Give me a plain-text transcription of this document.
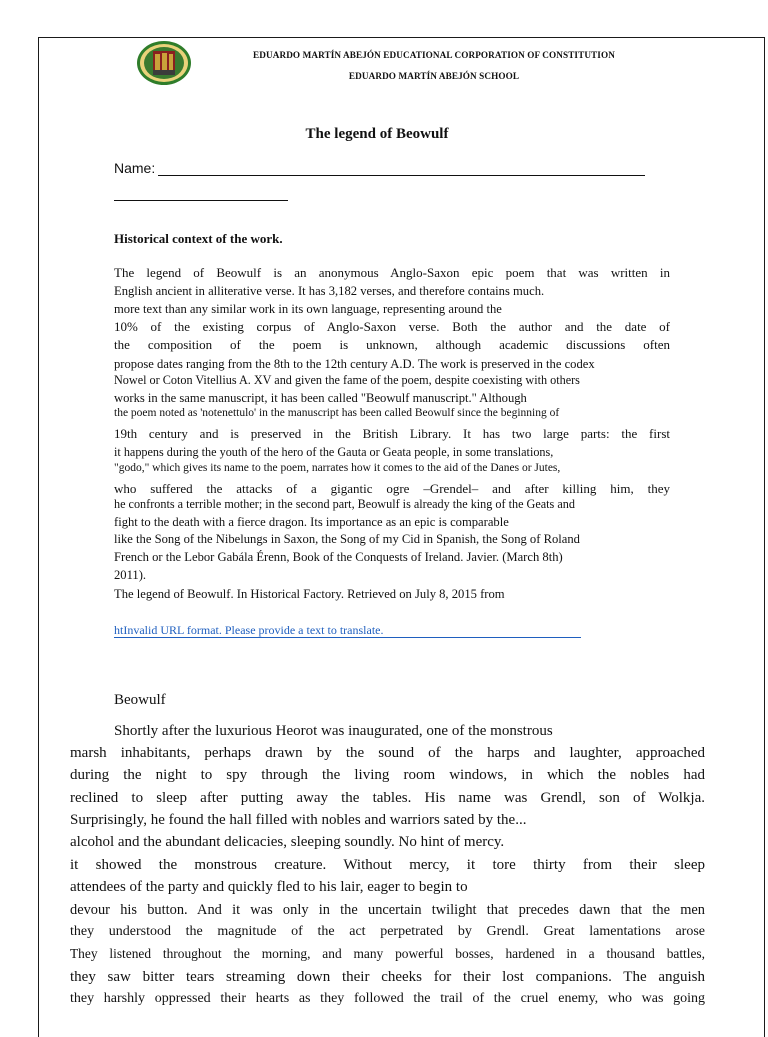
EDUARDO MARTÍN ABEJÓN EDUCATIONAL CORPORATION OF CONSTITUTION
EDUARDO MARTÍN ABEJÓN SCHOOL
The legend of Beowulf
Name:
Historical context of the work.
The legend of Beowulf is an anonymous Anglo-Saxon epic poem that was written in
English ancient in alliterative verse. It has 3,182 verses, and therefore contains much.
more text than any similar work in its own language, representing around the
10% of the existing corpus of Anglo-Saxon verse. Both the author and the date of
the composition of the poem is unknown, although academic discussions often
propose dates ranging from the 8th to the 12th century A.D. The work is preserved in the codex
Nowel or Coton Vitellius A. XV and given the fame of the poem, despite coexisting with others
works in the same manuscript, it has been called "Beowulf manuscript." Although
the poem noted as 'notenettulo' in the manuscript has been called Beowulf since the beginning of
19th century and is preserved in the British Library. It has two large parts: the first
it happens during the youth of the hero of the Gauta or Geata people, in some translations,
"godo," which gives its name to the poem, narrates how it comes to the aid of the Danes or Jutes,
who suffered the attacks of a gigantic ogre –Grendel– and after killing him, they
he confronts a terrible mother; in the second part, Beowulf is already the king of the Geats and
fight to the death with a fierce dragon. Its importance as an epic is comparable
like the Song of the Nibelungs in Saxon, the Song of my Cid in Spanish, the Song of Roland
French or the Lebor Gabála Érenn, Book of the Conquests of Ireland. Javier. (March 8th)
2011).
The legend of Beowulf. In Historical Factory. Retrieved on July 8, 2015 from
htInvalid URL format. Please provide a text to translate.
Beowulf
Shortly after the luxurious Heorot was inaugurated, one of the monstrous
marsh inhabitants, perhaps drawn by the sound of the harps and laughter, approached
during the night to spy through the living room windows, in which the nobles had
reclined to sleep after putting away the tables. His name was Grendl, son of Wolkja.
Surprisingly, he found the hall filled with nobles and warriors sated by the...
alcohol and the abundant delicacies, sleeping soundly. No hint of mercy.
it showed the monstrous creature. Without mercy, it tore thirty from their sleep
attendees of the party and quickly fled to his lair, eager to begin to
devour his button. And it was only in the uncertain twilight that precedes dawn that the men
they understood the magnitude of the act perpetrated by Grendl. Great lamentations arose
They listened throughout the morning, and many powerful bosses, hardened in a thousand battles,
they saw bitter tears streaming down their cheeks for their lost companions. The anguish
they harshly oppressed their hearts as they followed the trail of the cruel enemy, who was going
